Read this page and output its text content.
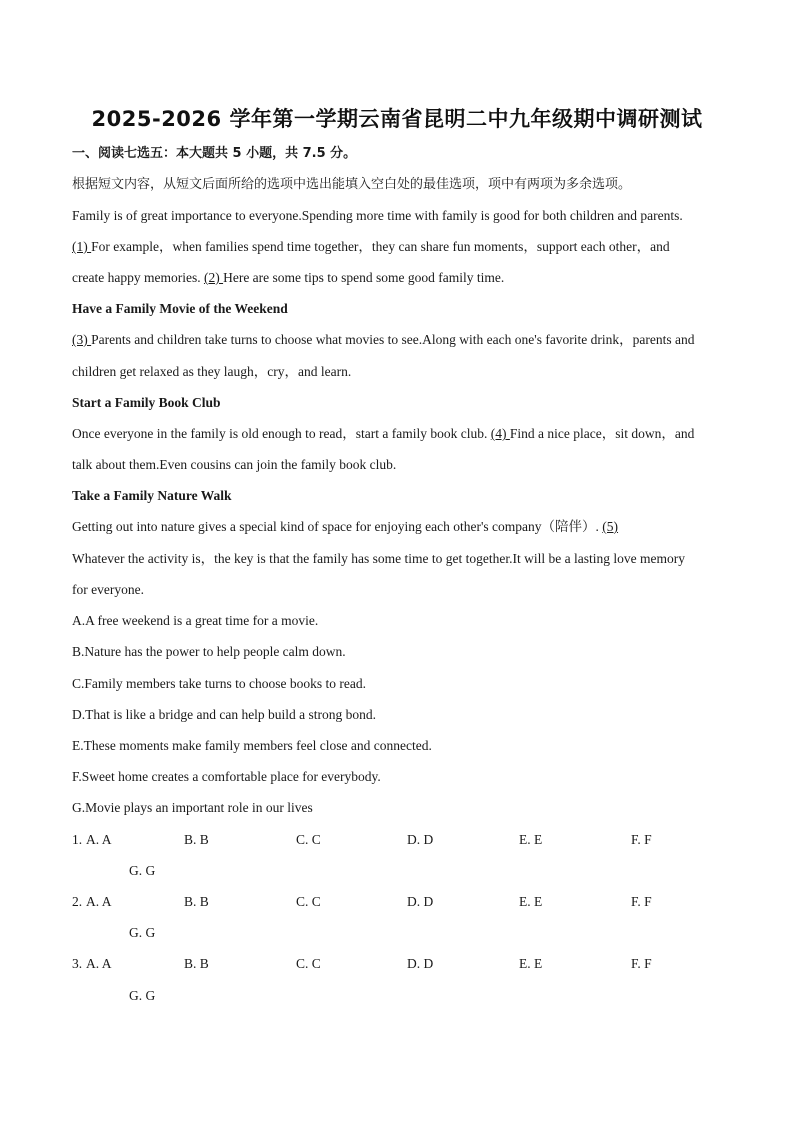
2025-2026 学年第一学期云南省昆明二中九年级期中调研测试
一、阅读七选五：本大题共 5 小题，共 7.5 分。
根据短文内容，从短文后面所给的选项中选出能填入空白处的最佳选项，项中有两项为多余选项。
Family is of great importance to everyone.Spending more time with family is good for both children and parents.
(1) For example，when families spend time together，they can share fun moments，support each other，and
create happy memories. (2) Here are some tips to spend some good family time.
Have a Family Movie of the Weekend
(3) Parents and children take turns to choose what movies to see.Along with each one's favorite drink，parents and
children get relaxed as they laugh，cry，and learn.
Start a Family Book Club
Once everyone in the family is old enough to read，start a family book club. (4) Find a nice place，sit down，and
talk about them.Even cousins can join the family book club.
Take a Family Nature Walk
Getting out into nature gives a special kind of space for enjoying each other's company（陪伴）. (5)
Whatever the activity is，the key is that the family has some time to get together.It will be a lasting love memory
for everyone.
A.A free weekend is a great time for a movie.
B.Nature has the power to help people calm down.
C.Family members take turns to choose books to read.
D.That is like a bridge and can help build a strong bond.
E.These moments make family members feel close and connected.
F.Sweet home creates a comfortable place for everybody.
G.Movie plays an important role in our lives
1. A. A	B. B	C. C	D. D	E. E	F. F
G. G
2. A. A	B. B	C. C	D. D	E. E	F. F
G. G
3. A. A	B. B	C. C	D. D	E. E	F. F
G. G
